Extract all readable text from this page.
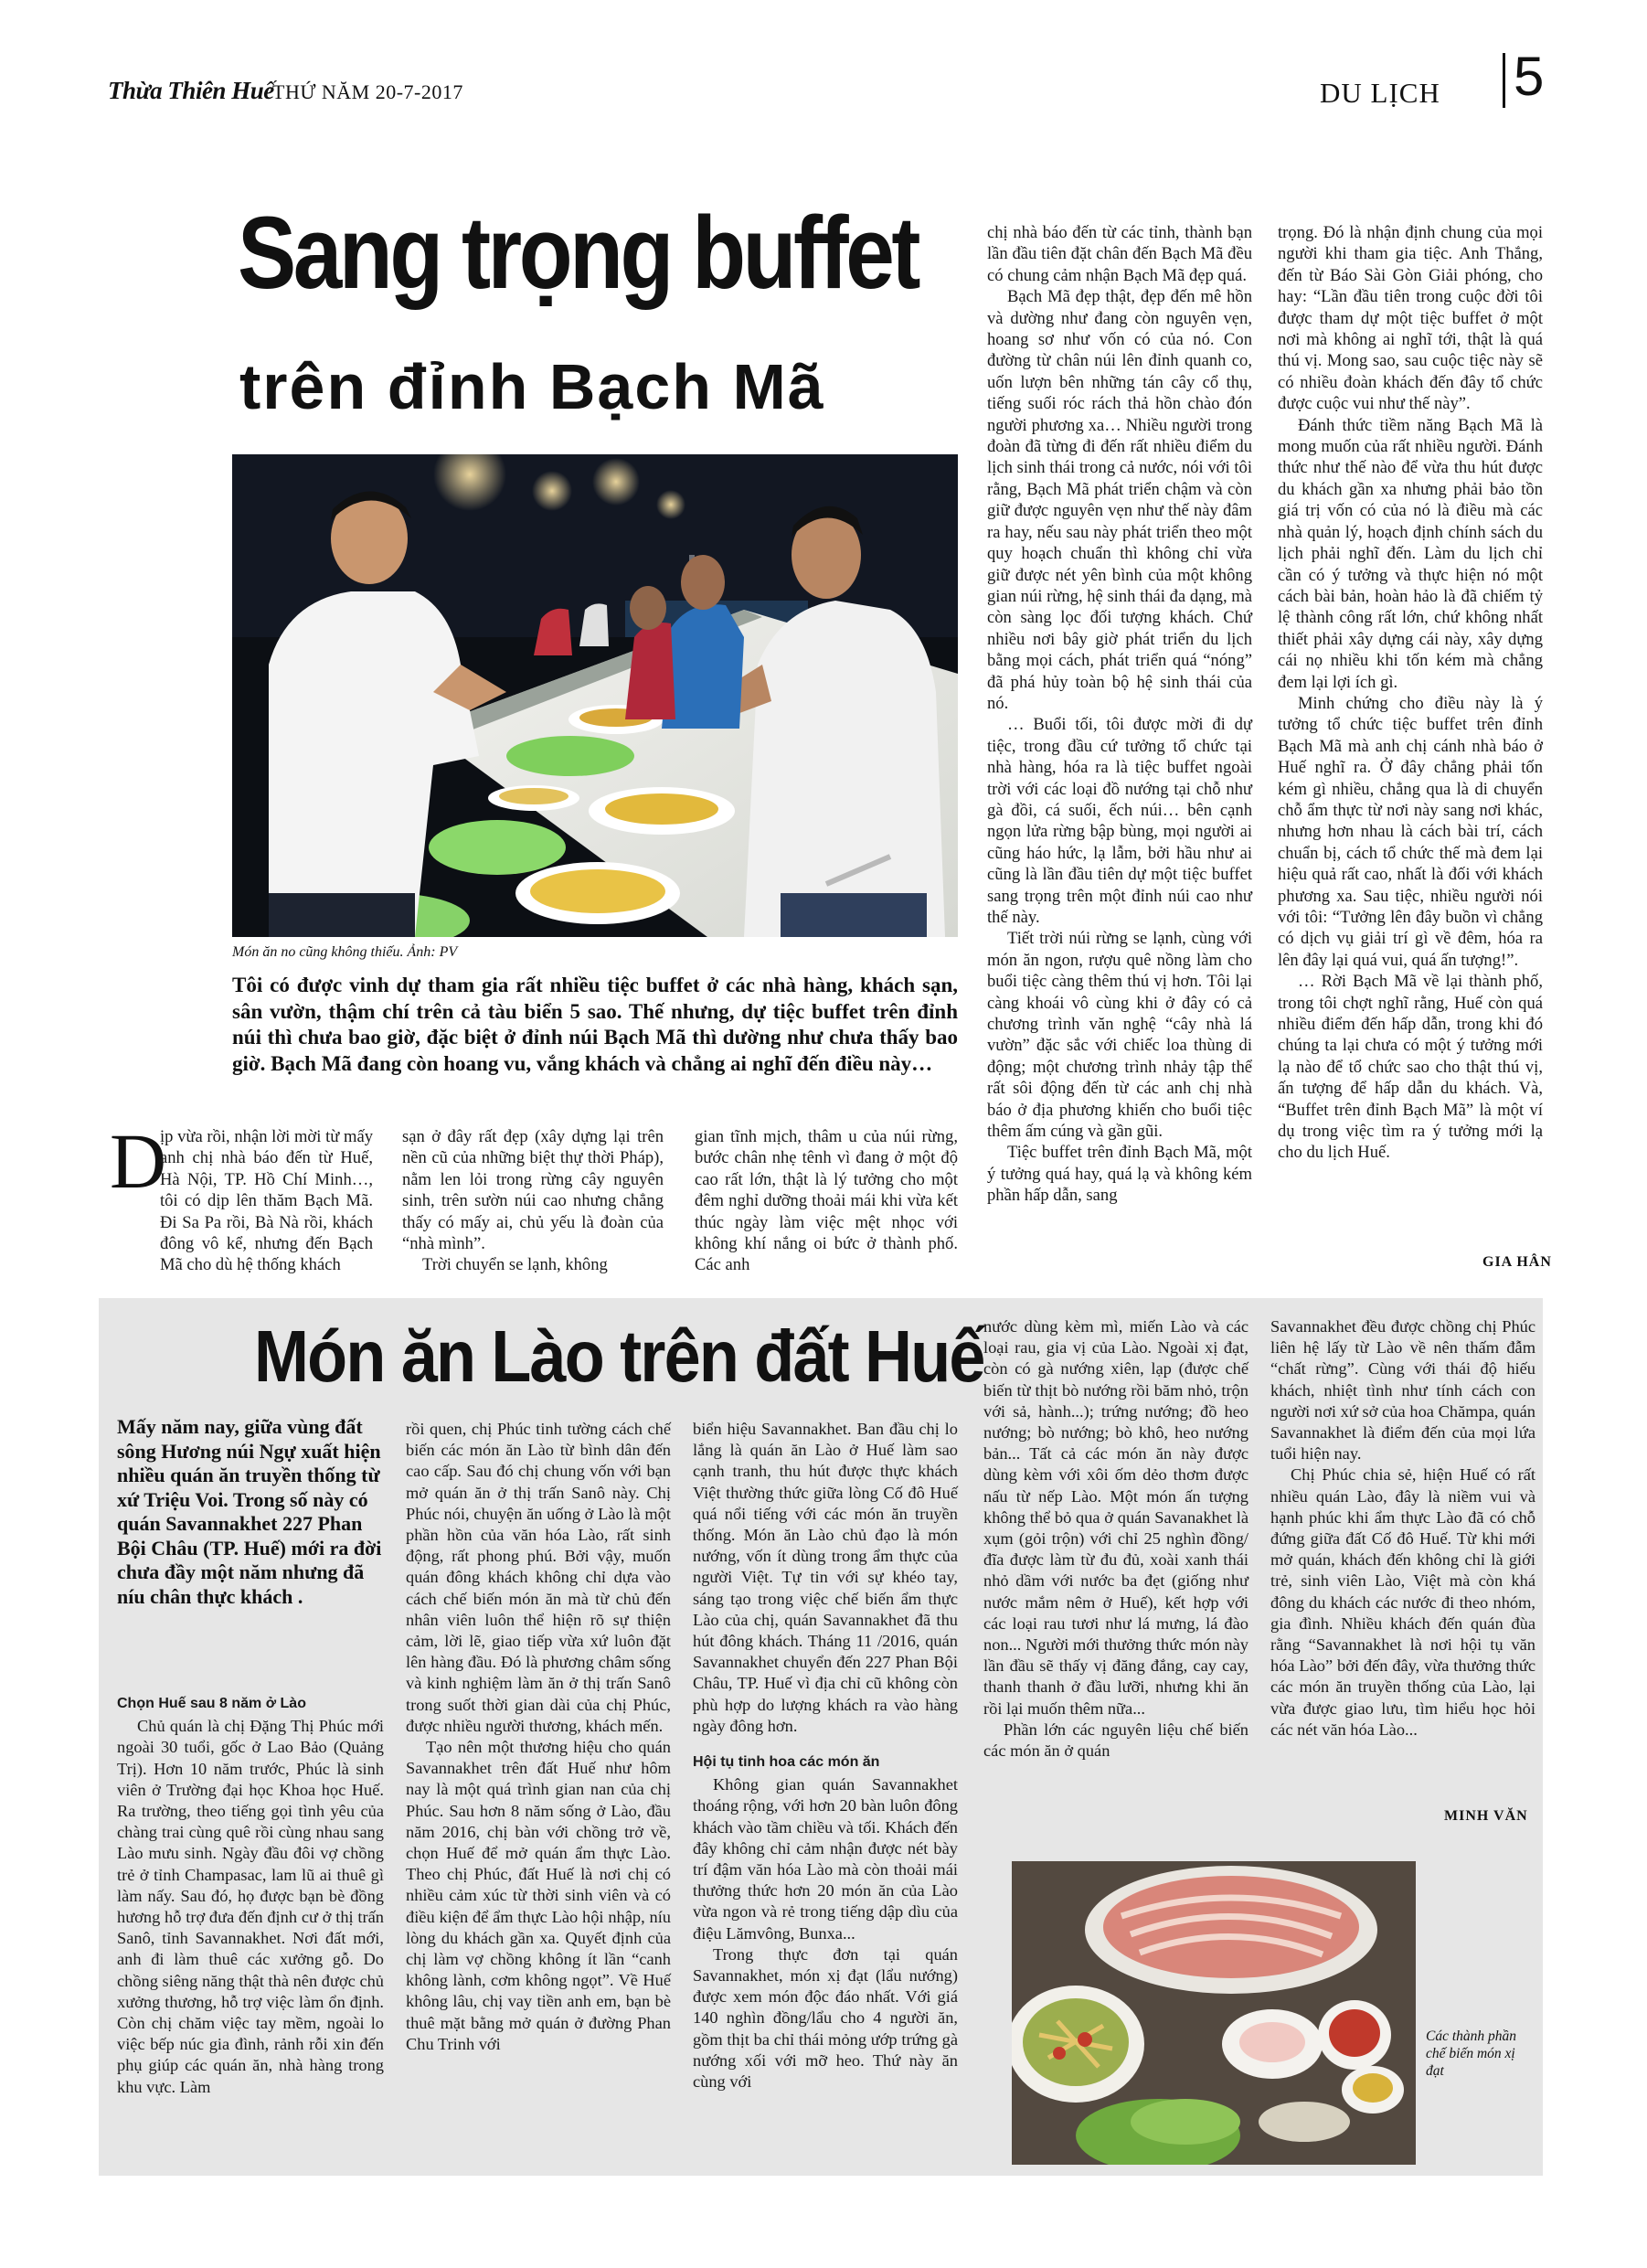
Thừa Thiên Huế
THỨ NĂM 20-7-2017	DU LỊCH 5
Sang trọng buffet
trên đỉnh Bạch Mã
Món ăn no cũng không thiếu. Ảnh: PV
Tôi có được vinh dự tham gia rất nhiều tiệc buffet ở các nhà hàng, khách sạn, sân vườn, thậm chí trên cả tàu biển 5 sao. Thế nhưng, dự tiệc buffet trên đỉnh núi thì chưa bao giờ, đặc biệt ở đỉnh núi Bạch Mã thì dường như chưa thấy bao giờ. Bạch Mã đang còn hoang vu, vắng khách và chẳng ai nghĩ đến điều này…
D

ịp vừa rồi, nhận lời mời từ mấy anh chị nhà báo đến từ Huế, Hà Nội, TP. Hồ Chí Minh…, tôi có dịp lên thăm Bạch Mã. Đi Sa Pa rồi, Bà Nà rồi, khách đông vô kể, nhưng đến Bạch Mã cho dù hệ thống khách

sạn ở đây rất đẹp (xây dựng lại trên nền cũ của những biệt thự thời Pháp), nằm len lỏi trong rừng cây nguyên sinh, trên sườn núi cao nhưng chẳng thấy có mấy ai, chủ yếu là đoàn của “nhà mình”.

Trời chuyển se lạnh, không

gian tĩnh mịch, thâm u của núi rừng, bước chân nhẹ tênh vì đang ở một độ cao rất lớn, thật là lý tưởng cho một đêm nghỉ dưỡng thoải mái khi vừa kết thúc ngày làm việc mệt nhọc với không khí nắng oi bức ở thành phố. Các anh

chị nhà báo đến từ các tỉnh, thành bạn lần đầu tiên đặt chân đến Bạch Mã đều có chung cảm nhận Bạch Mã đẹp quá.

Bạch Mã đẹp thật, đẹp đến mê hồn và dường như đang còn nguyên vẹn, hoang sơ như vốn có của nó. Con đường từ chân núi lên đỉnh quanh co, uốn lượn bên những tán cây cổ thụ, tiếng suối róc rách thả hồn chào đón người phương xa… Nhiều người trong đoàn đã từng đi đến rất nhiều điểm du lịch sinh thái trong cả nước, nói với tôi rằng, Bạch Mã phát triển chậm và còn giữ được nguyên vẹn như thế này đâm ra hay, nếu sau này phát triển theo một quy hoạch chuẩn thì không chỉ vừa giữ được nét yên bình của một không gian núi rừng, hệ sinh thái đa dạng, mà còn sàng lọc đối tượng khách. Chứ nhiều nơi bây giờ phát triển du lịch bằng mọi cách, phát triển quá “nóng” đã phá hủy toàn bộ hệ sinh thái của nó.

… Buổi tối, tôi được mời đi dự tiệc, trong đầu cứ tưởng tổ chức tại nhà hàng, hóa ra là tiệc buffet ngoài trời với các loại đồ nướng tại chỗ như gà đồi, cá suối, ếch núi… bên cạnh ngọn lửa rừng bập bùng, mọi người ai cũng háo hức, lạ lẫm, bởi hầu như ai cũng là lần đầu tiên dự một tiệc buffet sang trọng trên một đỉnh núi cao như thế này.

Tiết trời núi rừng se lạnh, cùng với món ăn ngon, rượu quê nồng làm cho buổi tiệc càng thêm thú vị hơn. Tôi lại càng khoái vô cùng khi ở đây có cả chương trình văn nghệ “cây nhà lá vườn” đặc sắc với chiếc loa thùng di động; một chương trình nhảy tập thể rất sôi động đến từ các anh chị nhà báo ở địa phương khiến cho buổi tiệc thêm ấm cúng và gần gũi.

Tiệc buffet trên đỉnh Bạch Mã, một ý tưởng quá hay, quá lạ và không kém phần hấp dẫn, sang

trọng. Đó là nhận định chung của mọi người khi tham gia tiệc. Anh Thắng, đến từ Báo Sài Gòn Giải phóng, cho hay: “Lần đầu tiên trong cuộc đời tôi được tham dự một tiệc buffet ở một nơi mà không ai nghĩ tới, thật là quá thú vị. Mong sao, sau cuộc tiệc này sẽ có nhiều đoàn khách đến đây tổ chức được cuộc vui như thế này”.

Đánh thức tiềm năng Bạch Mã là mong muốn của rất nhiều người. Đánh thức như thế nào để vừa thu hút được du khách gần xa nhưng phải bảo tồn giá trị vốn có của nó là điều mà các nhà quản lý, hoạch định chính sách du lịch phải nghĩ đến. Làm du lịch chỉ cần có ý tưởng và thực hiện nó một cách bài bản, hoàn hảo là đã chiếm tỷ lệ thành công rất lớn, chứ không nhất thiết phải xây dựng cái này, xây dựng cái nọ nhiều khi tốn kém mà chẳng đem lại lợi ích gì.

Minh chứng cho điều này là ý tưởng tổ chức tiệc buffet trên đỉnh Bạch Mã mà anh chị cánh nhà báo ở Huế nghĩ ra. Ở đây chẳng phải tốn kém gì nhiều, chẳng qua là di chuyển chỗ ẩm thực từ nơi này sang nơi khác, nhưng hơn nhau là cách bài trí, cách chuẩn bị, cách tổ chức thế mà đem lại hiệu quả rất cao, nhất là đối với khách phương xa. Sau tiệc, nhiều người nói với tôi: “Tưởng lên đây buồn vì chẳng có dịch vụ giải trí gì về đêm, hóa ra lên đây lại quá vui, quá ấn tượng!”.

… Rời Bạch Mã về lại thành phố, trong tôi chợt nghĩ rằng, Huế còn quá nhiều điểm đến hấp dẫn, trong khi đó chúng ta lại chưa có một ý tưởng mới lạ nào để tổ chức sao cho thật thú vị, ấn tượng để hấp dẫn du khách. Và, “Buffet trên đỉnh Bạch Mã” là một ví dụ trong việc tìm ra ý tưởng mới lạ cho du lịch Huế.

GIA HÂN
Món ăn Lào trên đất Huế
Mấy năm nay, giữa vùng đất sông Hương núi Ngự xuất hiện nhiều quán ăn truyền thống từ xứ Triệu Voi. Trong số này có quán Savannakhet 227 Phan Bội Châu (TP. Huế) mới ra đời chưa đầy một năm nhưng đã níu chân thực khách .
Chọn Huế sau 8 năm ở Lào

Chủ quán là chị Đặng Thị Phúc mới ngoài 30 tuổi, gốc ở Lao Bảo (Quảng Trị). Hơn 10 năm trước, Phúc là sinh viên ở Trường đại học Khoa học Huế. Ra trường, theo tiếng gọi tình yêu của chàng trai cùng quê rồi cùng nhau sang Lào mưu sinh. Ngày đầu đôi vợ chồng trẻ ở tỉnh Champasac, lam lũ ai thuê gì làm nấy. Sau đó, họ được bạn bè đồng hương hỗ trợ đưa đến định cư ở thị trấn Sanô, tỉnh Savannakhet. Nơi đất mới, anh đi làm thuê các xưởng gỗ. Do chồng siêng năng thật thà nên được chủ xưởng thương, hỗ trợ việc làm ổn định. Còn chị chăm việc tay mềm, ngoài lo việc bếp núc gia đình, rảnh rỗi xin đến phụ giúp các quán ăn, nhà hàng trong khu vực. Làm

rồi quen, chị Phúc tinh tường cách chế biến các món ăn Lào từ bình dân đến cao cấp. Sau đó chị chung vốn với bạn mở quán ăn ở thị trấn Sanô này. Chị Phúc nói, chuyện ăn uống ở Lào là một phần hồn của văn hóa Lào, rất sinh động, rất phong phú. Bởi vậy, muốn quán đông khách không chỉ dựa vào cách chế biến món ăn mà từ chủ đến nhân viên luôn thể hiện rõ sự thiện cảm, lời lẽ, giao tiếp vừa xứ luôn đặt lên hàng đầu. Đó là phương châm sống và kinh nghiệm làm ăn ở thị trấn Sanô trong suốt thời gian dài của chị Phúc, được nhiều người thương, khách mến.

Tạo nên một thương hiệu cho quán Savannakhet trên đất Huế như hôm nay là một quá trình gian nan của chị Phúc. Sau hơn 8 năm sống ở Lào, đầu năm 2016, chị bàn với chồng trở về, chọn Huế để mở quán ẩm thực Lào. Theo chị Phúc, đất Huế là nơi chị có nhiều cảm xúc từ thời sinh viên và có điều kiện để ẩm thực Lào hội nhập, níu lòng du khách gần xa. Quyết định của chị làm vợ chồng không ít lần “canh không lành, cơm không ngọt”. Về Huế không lâu, chị vay tiền anh em, bạn bè thuê mặt bằng mở quán ở đường Phan Chu Trinh với

biển hiệu Savannakhet. Ban đầu chị lo lắng là quán ăn Lào ở Huế làm sao cạnh tranh, thu hút được thực khách Việt thường thức giữa lòng Cố đô Huế quá nổi tiếng với các món ăn truyền thống. Món ăn Lào chủ đạo là món nướng, vốn ít dùng trong ẩm thực của người Việt. Tự tin với sự khéo tay, sáng tạo trong việc chế biến ẩm thực Lào của chị, quán Savannakhet đã thu hút đông khách. Tháng 11 /2016, quán Savannakhet chuyển đến 227 Phan Bội Châu, TP. Huế vì địa chỉ cũ không còn phù hợp do lượng khách ra vào hàng ngày đông hơn.

Hội tụ tinh hoa các món ăn

Không gian quán Savannakhet thoáng rộng, với hơn 20 bàn luôn đông khách vào tầm chiều và tối. Khách đến đây không chỉ cảm nhận được nét bày trí đậm văn hóa Lào mà còn thoải mái thưởng thức hơn 20 món ăn của Lào vừa ngon và rẻ trong tiếng dập dìu của điệu Lămvông, Bunxa...

Trong thực đơn tại quán Savannakhet, món xị đạt (lẩu nướng) được xem món độc đáo nhất. Với giá 140 nghìn đồng/lẩu cho 4 người ăn, gồm thịt ba chỉ thái mỏng ướp trứng gà nướng xối với mỡ heo. Thứ này ăn cùng với

nước dùng kèm mì, miến Lào và các loại rau, gia vị của Lào. Ngoài xị đạt, còn có gà nướng xiên, lạp (được chế biến từ thịt bò nướng rồi băm nhỏ, trộn với sả, hành...); trứng nướng; đồ heo nướng; bò nướng; bò khô, heo nướng bản... Tất cả các món ăn này được dùng kèm với xôi ốm dẻo thơm được nấu từ nếp Lào. Một món ấn tượng không thể bỏ qua ở quán Savanakhet là xụm (gỏi trộn) với chỉ 25 nghìn đồng/đĩa được làm từ đu đủ, xoài xanh thái nhỏ dầm với nước ba đẹt (giống như nước mắm nêm ở Huế), kết hợp với các loại rau tươi như lá mưng, lá đào non... Người mới thưởng thức món này lần đầu sẽ thấy vị đăng đắng, cay cay, thanh thanh ở đầu lưỡi, nhưng khi ăn rồi lại muốn thêm nữa...

Phần lớn các nguyên liệu chế biến các món ăn ở quán

Savannakhet đều được chồng chị Phúc liên hệ lấy từ Lào về nên thấm đẫm “chất rừng”. Cùng với thái độ hiếu khách, nhiệt tình như tính cách con người nơi xứ sở của hoa Chămpa, quán Savannakhet là điểm đến của mọi lứa tuổi hiện nay.

Chị Phúc chia sẻ, hiện Huế có rất nhiều quán Lào, đây là niềm vui và hạnh phúc khi ẩm thực Lào đã có chỗ đứng giữa đất Cố đô Huế. Từ khi mới mở quán, khách đến không chỉ là giới trẻ, sinh viên Lào, Việt mà còn khá đông du khách các nước đi theo nhóm, gia đình. Nhiều khách đến quán đùa rằng “Savannakhet là nơi hội tụ văn hóa Lào” bởi đến đây, vừa thưởng thức các món ăn truyền thống của Lào, lại vừa được giao lưu, tìm hiểu học hỏi các nét văn hóa Lào...

MINH VĂN
Các thành phần chế biến món xị đạt
